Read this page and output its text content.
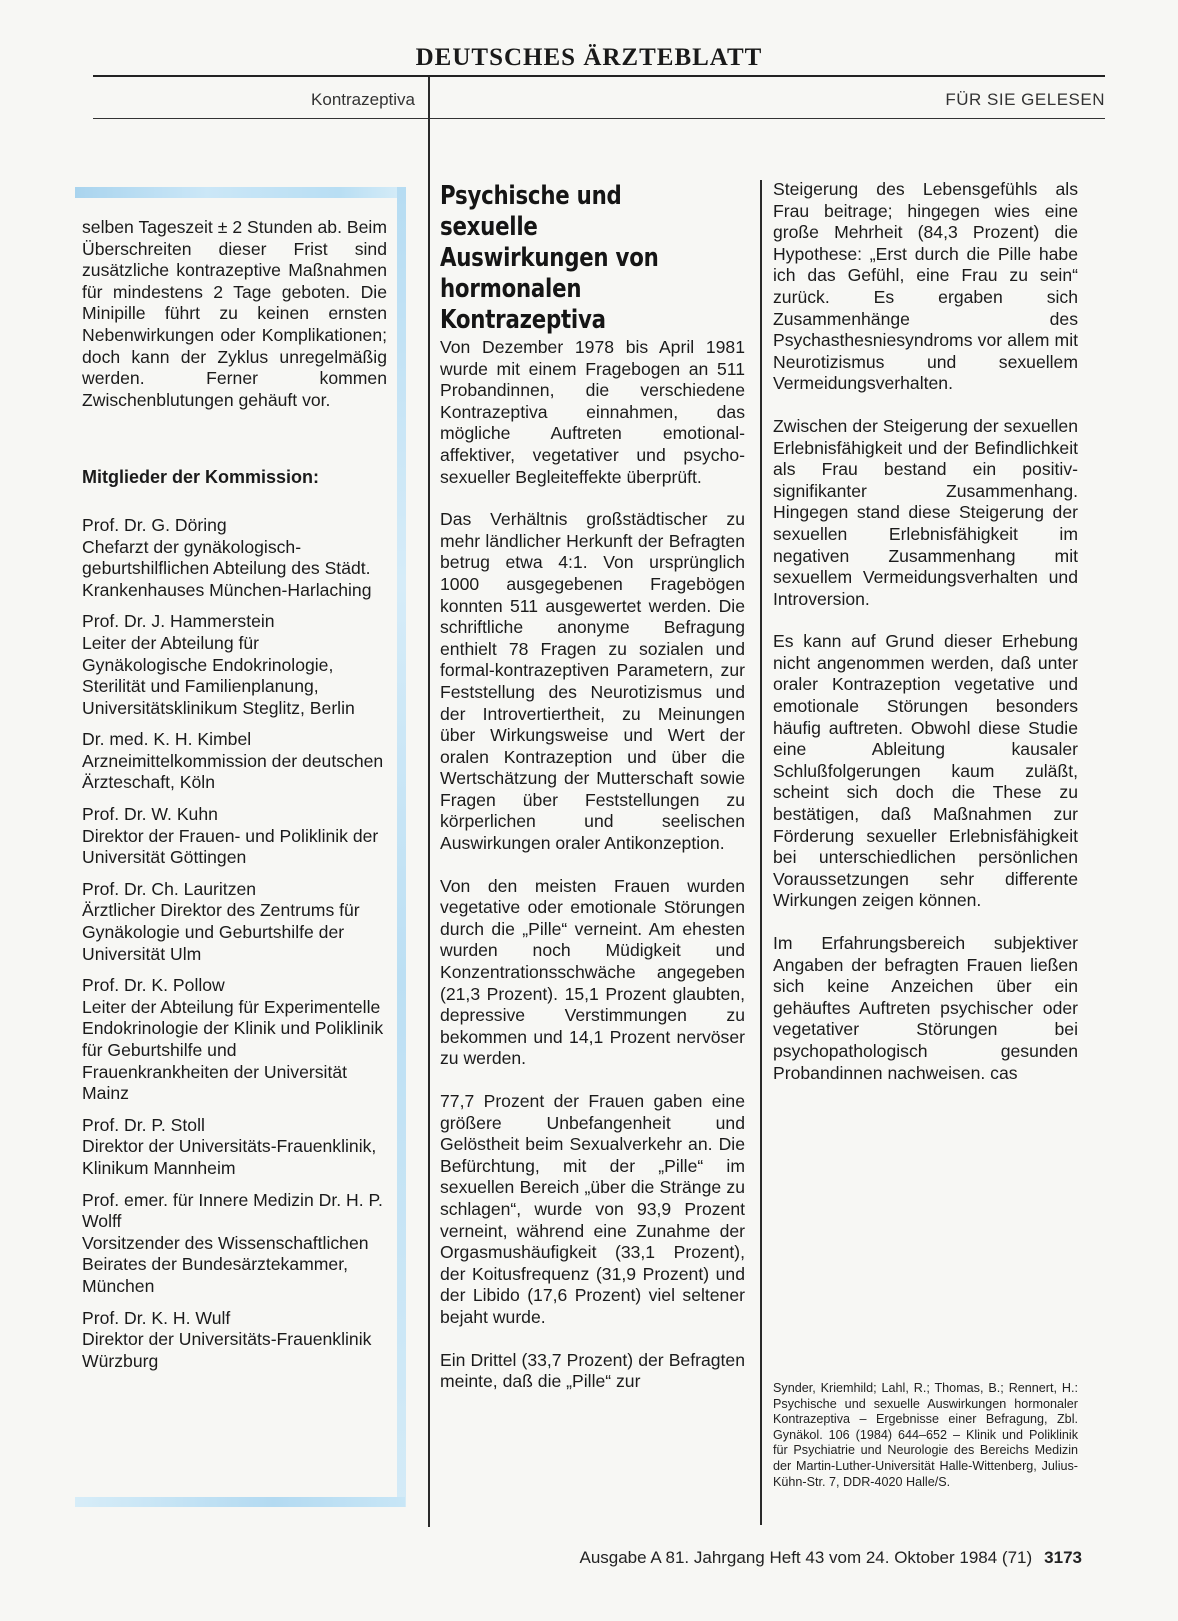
DEUTSCHES ÄRZTEBLATT
Kontrazeptiva	FÜR SIE GELESEN

selben Tageszeit ± 2 Stunden ab. Beim Überschreiten dieser Frist sind zusätzliche kontrazeptive Maßnahmen für mindestens 2 Tage geboten. Die Minipille führt zu keinen ernsten Nebenwirkungen oder Komplikationen; doch kann der Zyklus unregelmäßig werden. Ferner kommen Zwischenblutungen gehäuft vor.

Mitglieder der Kommission:
Prof. Dr. G. Döring
Chefarzt der gynäkologisch-geburtshilflichen Abteilung des Städt. Krankenhauses München-Harlaching
Prof. Dr. J. Hammerstein
Leiter der Abteilung für Gynäkologische Endokrinologie, Sterilität und Familienplanung, Universitätsklinikum Steglitz, Berlin
Dr. med. K. H. Kimbel
Arzneimittelkommission der deutschen Ärzteschaft, Köln
Prof. Dr. W. Kuhn
Direktor der Frauen- und Poliklinik der Universität Göttingen
Prof. Dr. Ch. Lauritzen
Ärztlicher Direktor des Zentrums für Gynäkologie und Geburtshilfe der Universität Ulm
Prof. Dr. K. Pollow
Leiter der Abteilung für Experimentelle Endokrinologie der Klinik und Poliklinik für Geburtshilfe und Frauenkrankheiten der Universität Mainz
Prof. Dr. P. Stoll
Direktor der Universitäts-Frauenklinik, Klinikum Mannheim
Prof. emer. für Innere Medizin Dr. H. P. Wolff
Vorsitzender des Wissenschaftlichen Beirates der Bundesärztekammer, München
Prof. Dr. K. H. Wulf
Direktor der Universitäts-Frauenklinik Würzburg
Psychische und sexuelle Auswirkungen von hormonalen Kontrazeptiva

Von Dezember 1978 bis April 1981 wurde mit einem Fragebogen an 511 Probandinnen, die verschiedene Kontrazeptiva einnahmen, das mögliche Auftreten emotional-affektiver, vegetativer und psycho-sexueller Begleiteffekte überprüft.

Das Verhältnis großstädtischer zu mehr ländlicher Herkunft der Befragten betrug etwa 4:1. Von ursprünglich 1000 ausgegebenen Fragebögen konnten 511 ausgewertet werden. Die schriftliche anonyme Befragung enthielt 78 Fragen zu sozialen und formal-kontrazeptiven Parametern, zur Feststellung des Neurotizismus und der Introvertiertheit, zu Meinungen über Wirkungsweise und Wert der oralen Kontrazeption und über die Wertschätzung der Mutterschaft sowie Fragen über Feststellungen zu körperlichen und seelischen Auswirkungen oraler Antikonzeption.

Von den meisten Frauen wurden vegetative oder emotionale Störungen durch die „Pille“ verneint. Am ehesten wurden noch Müdigkeit und Konzentrationsschwäche angegeben (21,3 Prozent). 15,1 Prozent glaubten, depressive Verstimmungen zu bekommen und 14,1 Prozent nervöser zu werden.

77,7 Prozent der Frauen gaben eine größere Unbefangenheit und Gelöstheit beim Sexualverkehr an. Die Befürchtung, mit der „Pille“ im sexuellen Bereich „über die Stränge zu schlagen“, wurde von 93,9 Prozent verneint, während eine Zunahme der Orgasmushäufigkeit (33,1 Prozent), der Koitusfrequenz (31,9 Prozent) und der Libido (17,6 Prozent) viel seltener bejaht wurde.

Ein Drittel (33,7 Prozent) der Befragten meinte, daß die „Pille“ zur

Steigerung des Lebensgefühls als Frau beitrage; hingegen wies eine große Mehrheit (84,3 Prozent) die Hypothese: „Erst durch die Pille habe ich das Gefühl, eine Frau zu sein“ zurück. Es ergaben sich Zusammenhänge des Psychasthesniesyndroms vor allem mit Neurotizismus und sexuellem Vermeidungsverhalten.

Zwischen der Steigerung der sexuellen Erlebnisfähigkeit und der Befindlichkeit als Frau bestand ein positiv-signifikanter Zusammenhang. Hingegen stand diese Steigerung der sexuellen Erlebnisfähigkeit im negativen Zusammenhang mit sexuellem Vermeidungsverhalten und Introversion.

Es kann auf Grund dieser Erhebung nicht angenommen werden, daß unter oraler Kontrazeption vegetative und emotionale Störungen besonders häufig auftreten. Obwohl diese Studie eine Ableitung kausaler Schlußfolgerungen kaum zuläßt, scheint sich doch die These zu bestätigen, daß Maßnahmen zur Förderung sexueller Erlebnisfähigkeit bei unterschiedlichen persönlichen Voraussetzungen sehr differente Wirkungen zeigen können.

Im Erfahrungsbereich subjektiver Angaben der befragten Frauen ließen sich keine Anzeichen über ein gehäuftes Auftreten psychischer oder vegetativer Störungen bei psychopathologisch gesunden Probandinnen nachweisen. cas

Synder, Kriemhild; Lahl, R.; Thomas, B.; Rennert, H.: Psychische und sexuelle Auswirkungen hormonaler Kontrazeptiva – Ergebnisse einer Befragung, Zbl. Gynäkol. 106 (1984) 644–652 – Klinik und Poliklinik für Psychiatrie und Neurologie des Bereichs Medizin der Martin-Luther-Universität Halle-Wittenberg, Julius-Kühn-Str. 7, DDR-4020 Halle/S.
Ausgabe A 81. Jahrgang Heft 43 vom 24. Oktober 1984 (71) 3173
